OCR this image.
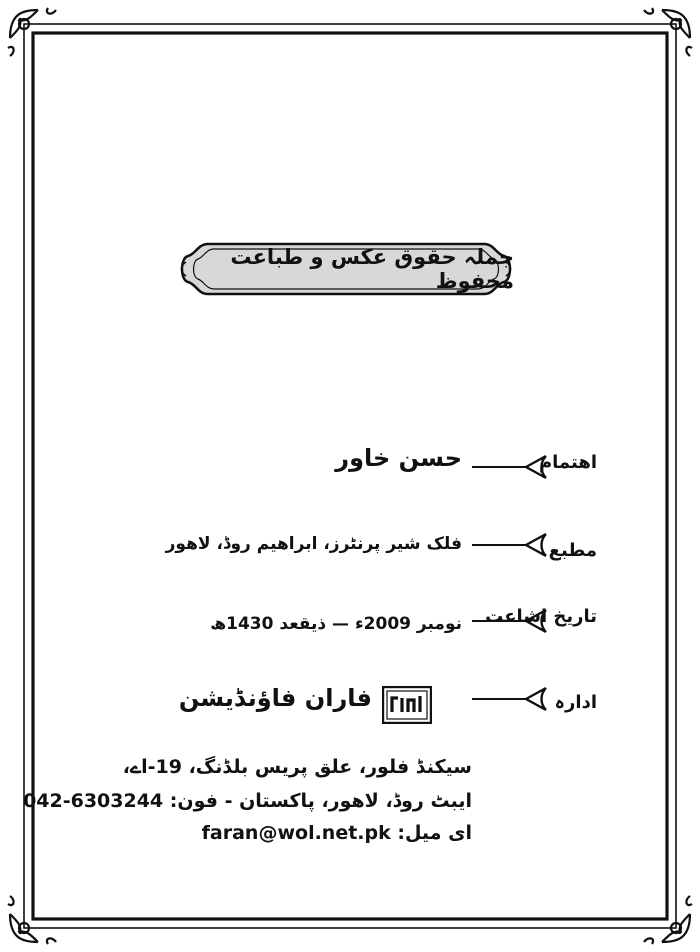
جملہ حقوق عکس و طباعت محفوظ
اهتمام
حسن خاور
مطبع
فلک شیر پرنٹرز، ابراهیم روڈ، لاهور
تاریخ اشاعت
نومبر 2009ء — ذیقعد 1430ھ
ادارہ
فاران فاؤنڈیشن
سیکنڈ فلور، علق پریس بلڈنگ، 19-اے،
ایبٹ روڈ، لاهور، پاکستان - فون: 042-6303244
ای میل: faran@wol.net.pk
